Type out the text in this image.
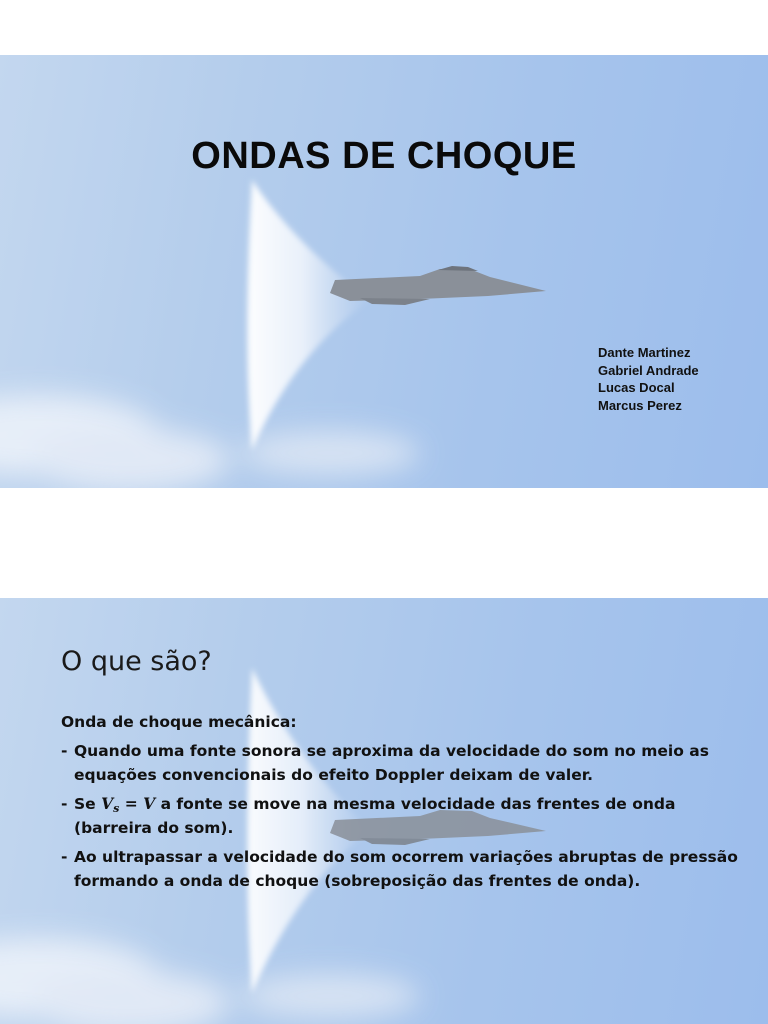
ONDAS DE CHOQUE
Dante Martinez
Gabriel Andrade
Lucas Docal
Marcus Perez
O que são?

Onda de choque mecânica:

- Quando uma fonte sonora se aproxima da velocidade do som no meio as equações convencionais do efeito Doppler deixam de valer.
- Se $V_s = V$ a fonte se move na mesma velocidade das frentes de onda (barreira do som).
- Ao ultrapassar a velocidade do som ocorrem variações abruptas de pressão formando a onda de choque (sobreposição das frentes de onda).
